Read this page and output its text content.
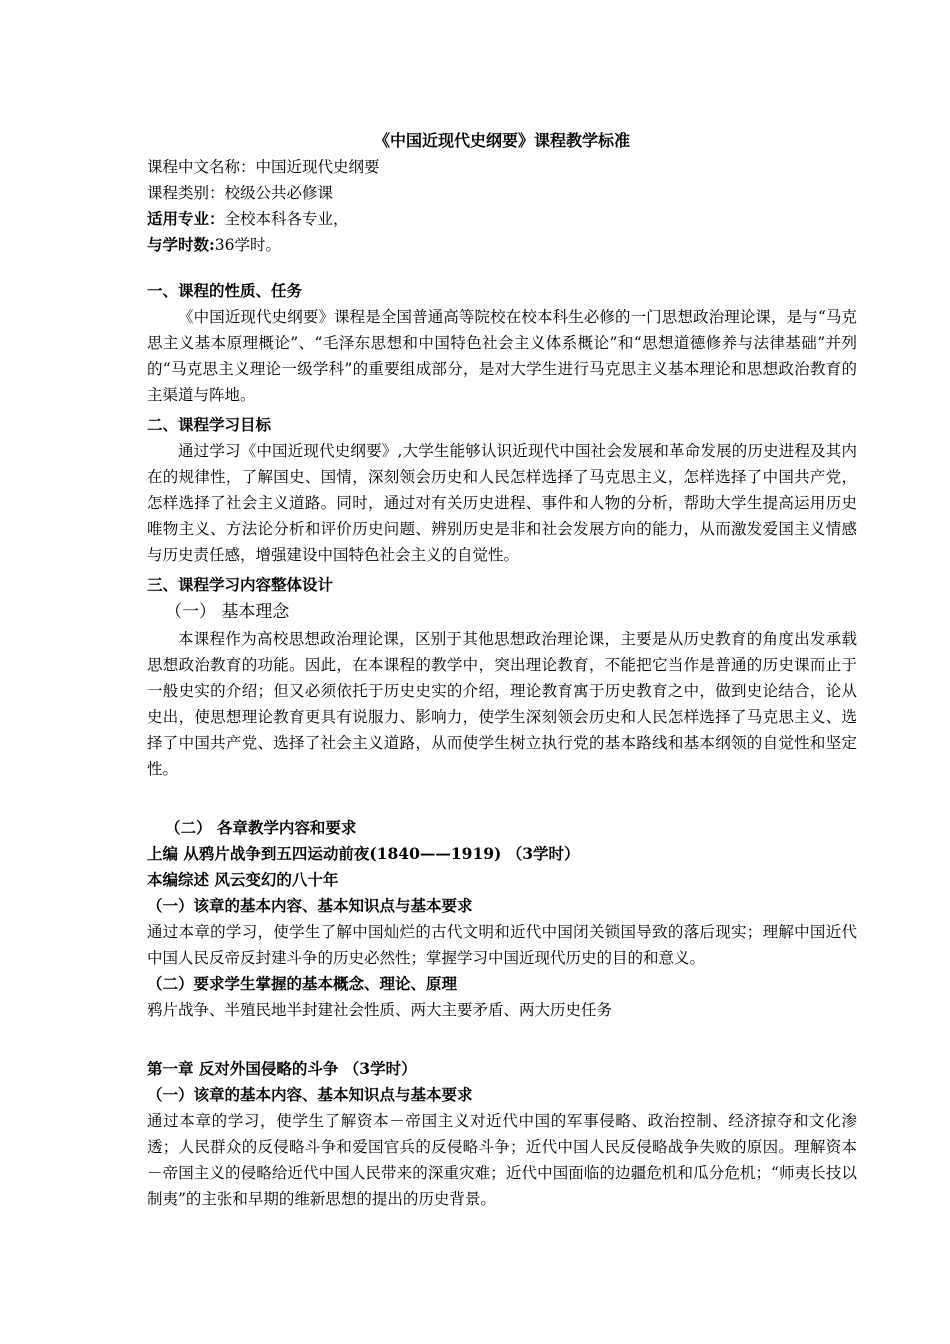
《中国近现代史纲要》课程教学标准
课程中文名称：中国近现代史纲要
课程类别：校级公共必修课
适用专业：全校本科各专业，
与学时数:36学时。
一、课程的性质、任务

《中国近现代史纲要》课程是全国普通高等院校在校本科生必修的一门思想政治理论课，是与“马克思主义基本原理概论”、“毛泽东思想和中国特色社会主义体系概论”和“思想道德修养与法律基础”并列的“马克思主义理论一级学科”的重要组成部分，是对大学生进行马克思主义基本理论和思想政治教育的主渠道与阵地。

二、课程学习目标

通过学习《中国近现代史纲要》,大学生能够认识近现代中国社会发展和革命发展的历史进程及其内在的规律性，了解国史、国情，深刻领会历史和人民怎样选择了马克思主义，怎样选择了中国共产党，怎样选择了社会主义道路。同时，通过对有关历史进程、事件和人物的分析，帮助大学生提高运用历史唯物主义、方法论分析和评价历史问题、辨别历史是非和社会发展方向的能力，从而激发爱国主义情感与历史责任感，增强建设中国特色社会主义的自觉性。

三、课程学习内容整体设计
（一） 基本理念

本课程作为高校思想政治理论课，区别于其他思想政治理论课，主要是从历史教育的角度出发承载思想政治教育的功能。因此，在本课程的教学中，突出理论教育，不能把它当作是普通的历史课而止于一般史实的介绍；但又必须依托于历史史实的介绍，理论教育寓于历史教育之中，做到史论结合，论从史出，使思想理论教育更具有说服力、影响力，使学生深刻领会历史和人民怎样选择了马克思主义、选择了中国共产党、选择了社会主义道路，从而使学生树立执行党的基本路线和基本纲领的自觉性和坚定性。

（二） 各章教学内容和要求
上编 从鸦片战争到五四运动前夜(1840——1919) （3学时）
本编综述 风云变幻的八十年
（一）该章的基本内容、基本知识点与基本要求

通过本章的学习，使学生了解中国灿烂的古代文明和近代中国闭关锁国导致的落后现实；理解中国近代中国人民反帝反封建斗争的历史必然性；掌握学习中国近现代历史的目的和意义。

（二）要求学生掌握的基本概念、理论、原理

鸦片战争、半殖民地半封建社会性质、两大主要矛盾、两大历史任务

第一章 反对外国侵略的斗争 （3学时）
（一）该章的基本内容、基本知识点与基本要求

通过本章的学习，使学生了解资本－帝国主义对近代中国的军事侵略、政治控制、经济掠夺和文化渗透；人民群众的反侵略斗争和爱国官兵的反侵略斗争；近代中国人民反侵略战争失败的原因。理解资本－帝国主义的侵略给近代中国人民带来的深重灾难；近代中国面临的边疆危机和瓜分危机；“师夷长技以制夷”的主张和早期的维新思想的提出的历史背景。
